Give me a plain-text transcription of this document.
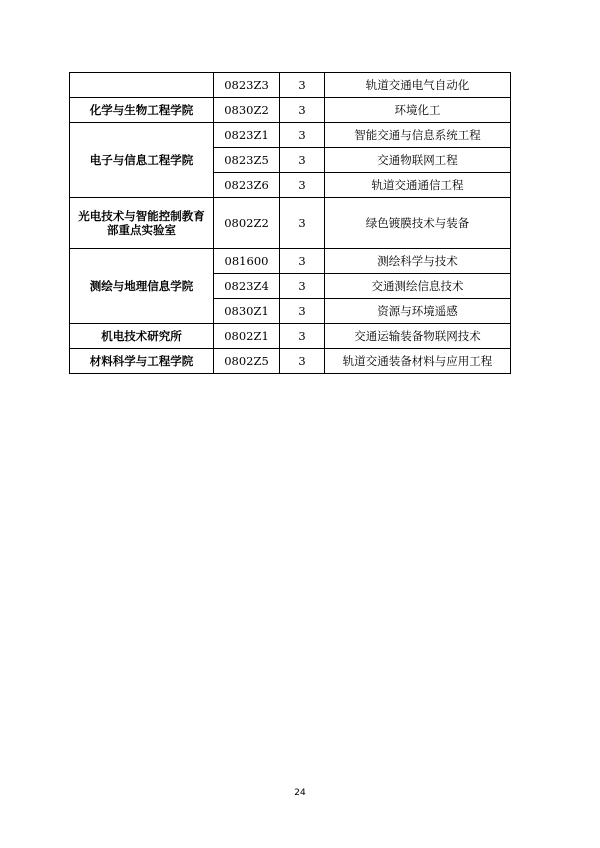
	0823Z3	3	轨道交通电气自动化
化学与生物工程学院	0830Z2	3	环境化工
电子与信息工程学院	0823Z1	3	智能交通与信息系统工程
	0823Z5	3	交通物联网工程
	0823Z6	3	轨道交通通信工程
光电技术与智能控制教育部重点实验室	0802Z2	3	绿色镀膜技术与装备
测绘与地理信息学院	081600	3	测绘科学与技术
	0823Z4	3	交通测绘信息技术
	0830Z1	3	资源与环境遥感
机电技术研究所	0802Z1	3	交通运输装备物联网技术
材料科学与工程学院	0802Z5	3	轨道交通装备材料与应用工程
24
